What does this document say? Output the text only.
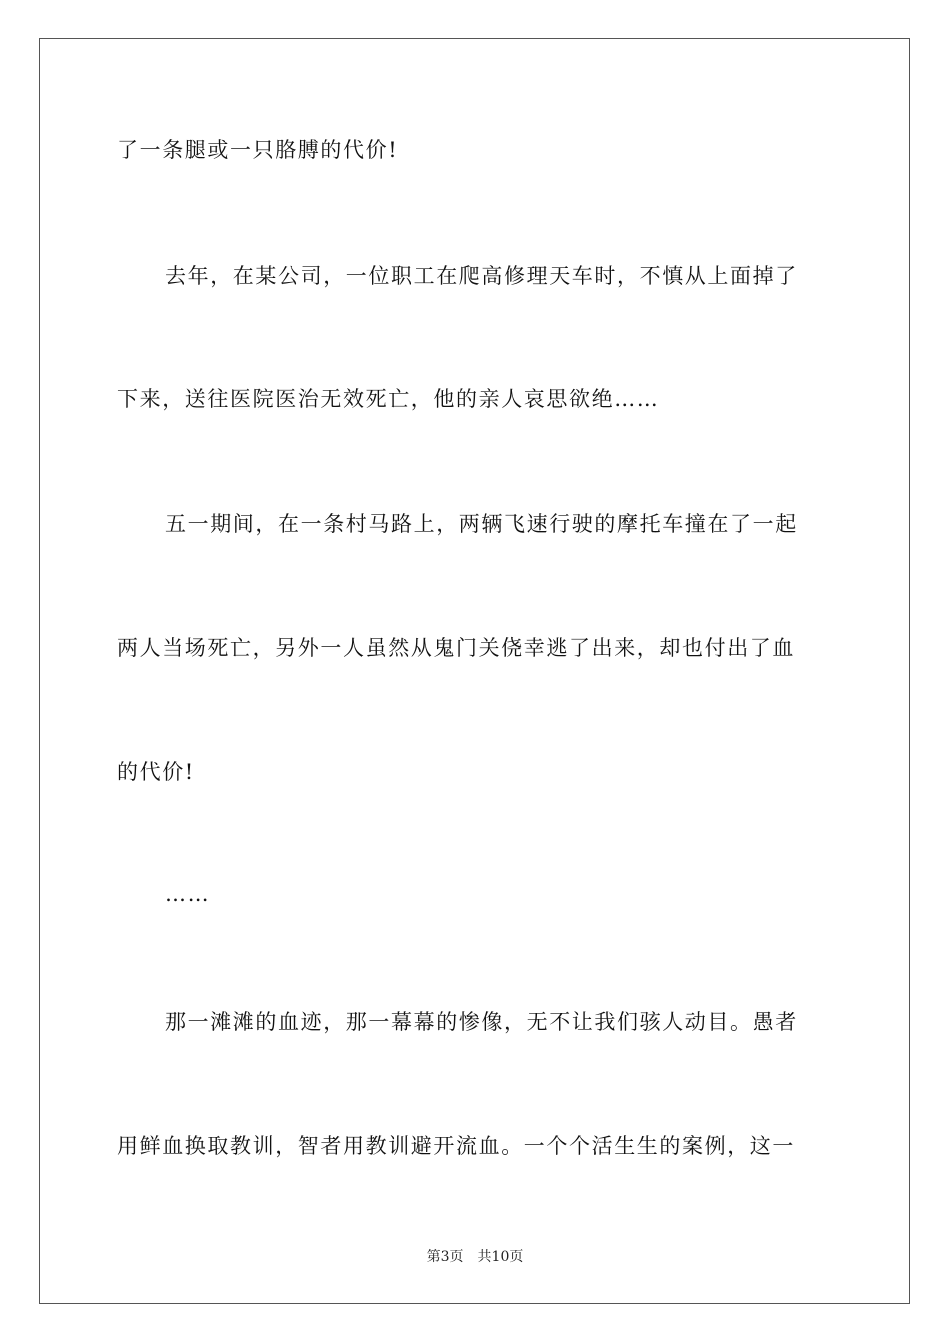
了一条腿或一只胳膊的代价!
去年，在某公司，一位职工在爬高修理天车时，不慎从上面掉了
下来，送往医院医治无效死亡，他的亲人哀思欲绝……
五一期间，在一条村马路上，两辆飞速行驶的摩托车撞在了一起
两人当场死亡，另外一人虽然从鬼门关侥幸逃了出来，却也付出了血
的代价!
……
那一滩滩的血迹，那一幕幕的惨像，无不让我们骇人动目。愚者
用鲜血换取教训，智者用教训避开流血。一个个活生生的案例，这一
第3页 共10页
